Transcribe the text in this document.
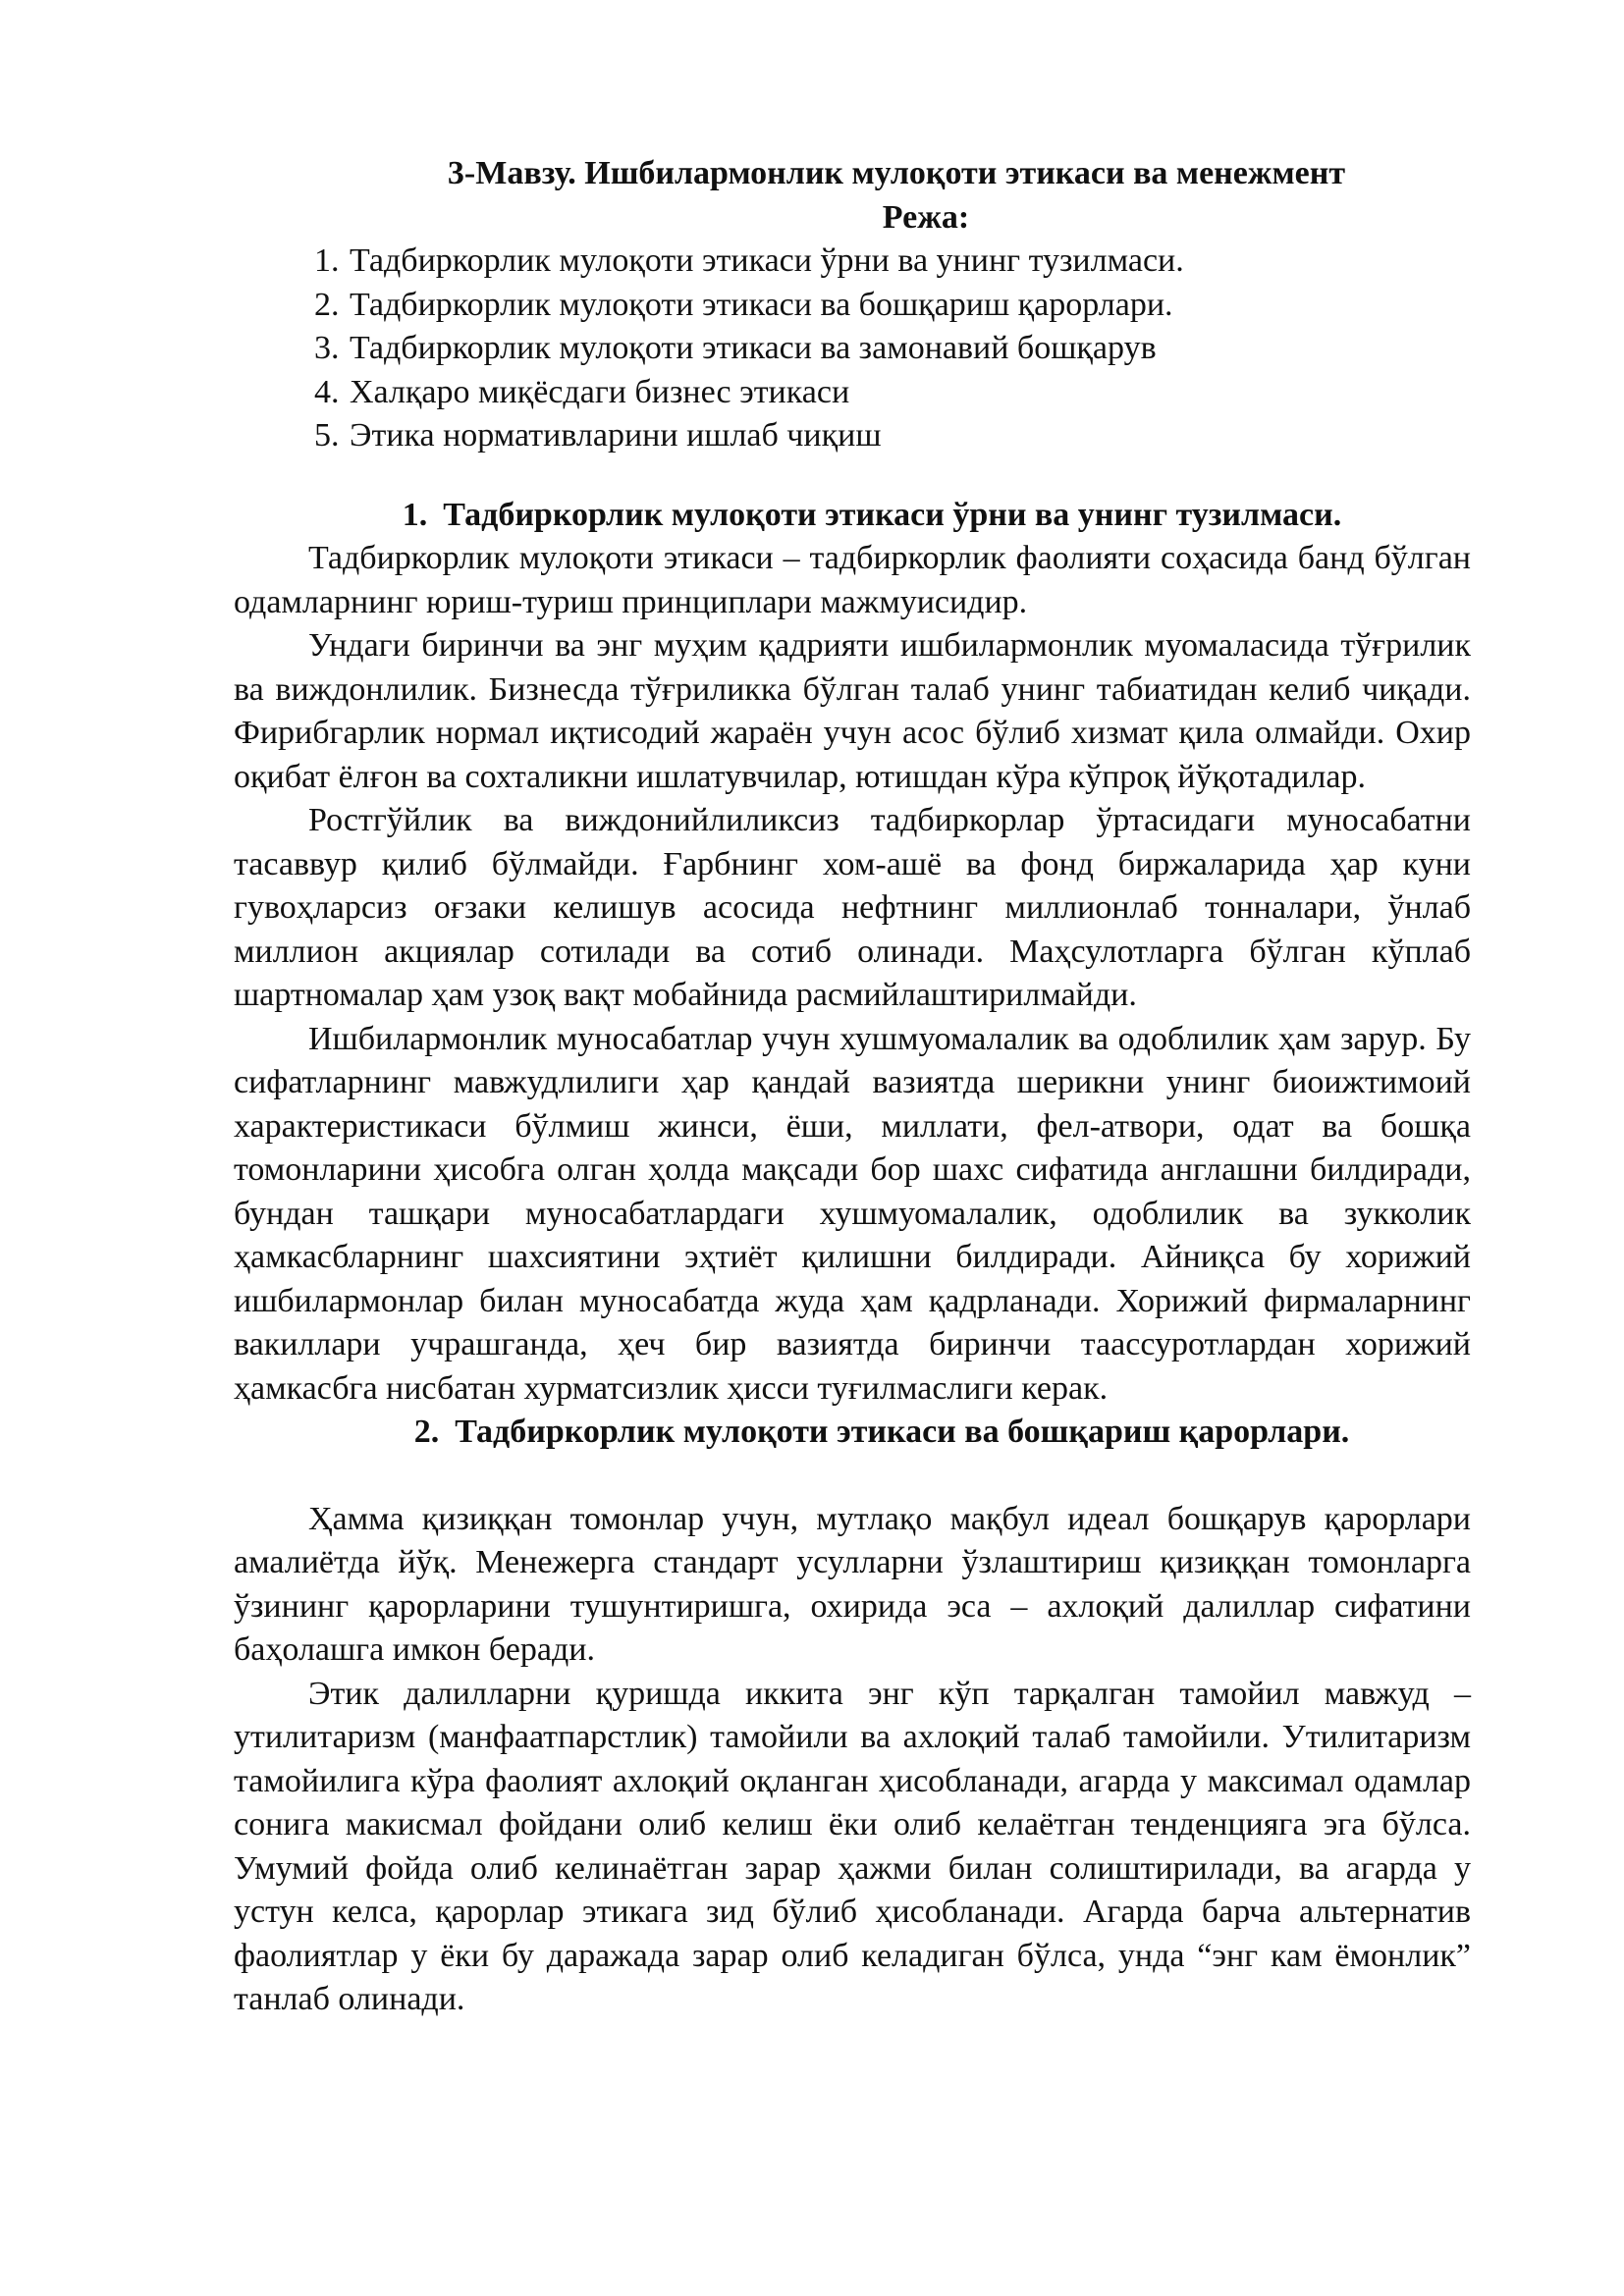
3-Мавзу. Ишбилармонлик мулоқоти этикаси ва менежмент
Режа:
1. Тадбиркорлик мулоқоти этикаси ўрни ва унинг тузилмаси.
2. Тадбиркорлик мулоқоти этикаси ва бошқариш қарорлари.
3. Тадбиркорлик мулоқоти этикаси ва замонавий бошқарув
4. Халқаро миқёсдаги бизнес этикаси
5. Этика нормативларини ишлаб чиқиш
1. Тадбиркорлик мулоқоти этикаси ўрни ва унинг тузилмаси.

Тадбиркорлик мулоқоти этикаси – тадбиркорлик фаолияти соҳасида банд бўлган одамларнинг юриш-туриш принциплари мажмуисидир.

Ундаги биринчи ва энг муҳим қадрияти ишбилармонлик муомаласида тўғрилик ва виждонлилик. Бизнесда тўғриликка бўлган талаб унинг табиатидан келиб чиқади. Фирибгарлик нормал иқтисодий жараён учун асос бўлиб хизмат қила олмайди. Охир оқибат ёлғон ва сохталикни ишлатувчилар, ютишдан кўра кўпроқ йўқотадилар.

Ростгўйлик ва виждонийлиликсиз тадбиркорлар ўртасидаги муносабатни тасаввур қилиб бўлмайди. Ғарбнинг хом-ашё ва фонд биржаларида ҳар куни гувоҳларсиз оғзаки келишув асосида нефтнинг миллионлаб тонналари, ўнлаб миллион акциялар сотилади ва сотиб олинади. Маҳсулотларга бўлган кўплаб шартномалар ҳам узоқ вақт мобайнида расмийлаштирилмайди.

Ишбилармонлик муносабатлар учун хушмуомалалик ва одоблилик ҳам зарур. Бу сифатларнинг мавжудлилиги ҳар қандай вазиятда шерикни унинг биоижтимоий характеристикаси бўлмиш жинси, ёши, миллати, фел-атвори, одат ва бошқа томонларини ҳисобга олган ҳолда мақсади бор шахс сифатида англашни билдиради, бундан ташқари муносабатлардаги хушмуомалалик, одоблилик ва зукколик ҳамкасбларнинг шахсиятини эҳтиёт қилишни билдиради. Айниқса бу хорижий ишбилармонлар билан муносабатда жуда ҳам қадрланади. Хорижий фирмаларнинг вакиллари учрашганда, ҳеч бир вазиятда биринчи таассуротлардан хорижий ҳамкасбга нисбатан хурматсизлик ҳисси туғилмаслиги керак.

2. Тадбиркорлик мулоқоти этикаси ва бошқариш қарорлари.

Ҳамма қизиққан томонлар учун, мутлақо мақбул идеал бошқарув қарорлари амалиётда йўқ. Менежерга стандарт усулларни ўзлаштириш қизиққан томонларга ўзининг қарорларини тушунтиришга, охирида эса – ахлоқий далиллар сифатини баҳолашга имкон беради.

Этик далилларни қуришда иккита энг кўп тарқалган тамойил мавжуд – утилитаризм (манфаатпарстлик) тамойили ва ахлоқий талаб тамойили. Утилитаризм тамойилига кўра фаолият ахлоқий оқланган ҳисобланади, агарда у максимал одамлар сонига макисмал фойдани олиб келиш ёки олиб келаётган тенденцияга эга бўлса. Умумий фойда олиб келинаётган зарар ҳажми билан солиштирилади, ва агарда у устун келса, қарорлар этикага зид бўлиб ҳисобланади. Агарда барча альтернатив фаолиятлар у ёки бу даражада зарар олиб келадиган бўлса, унда “энг кам ёмонлик” танлаб олинади.
